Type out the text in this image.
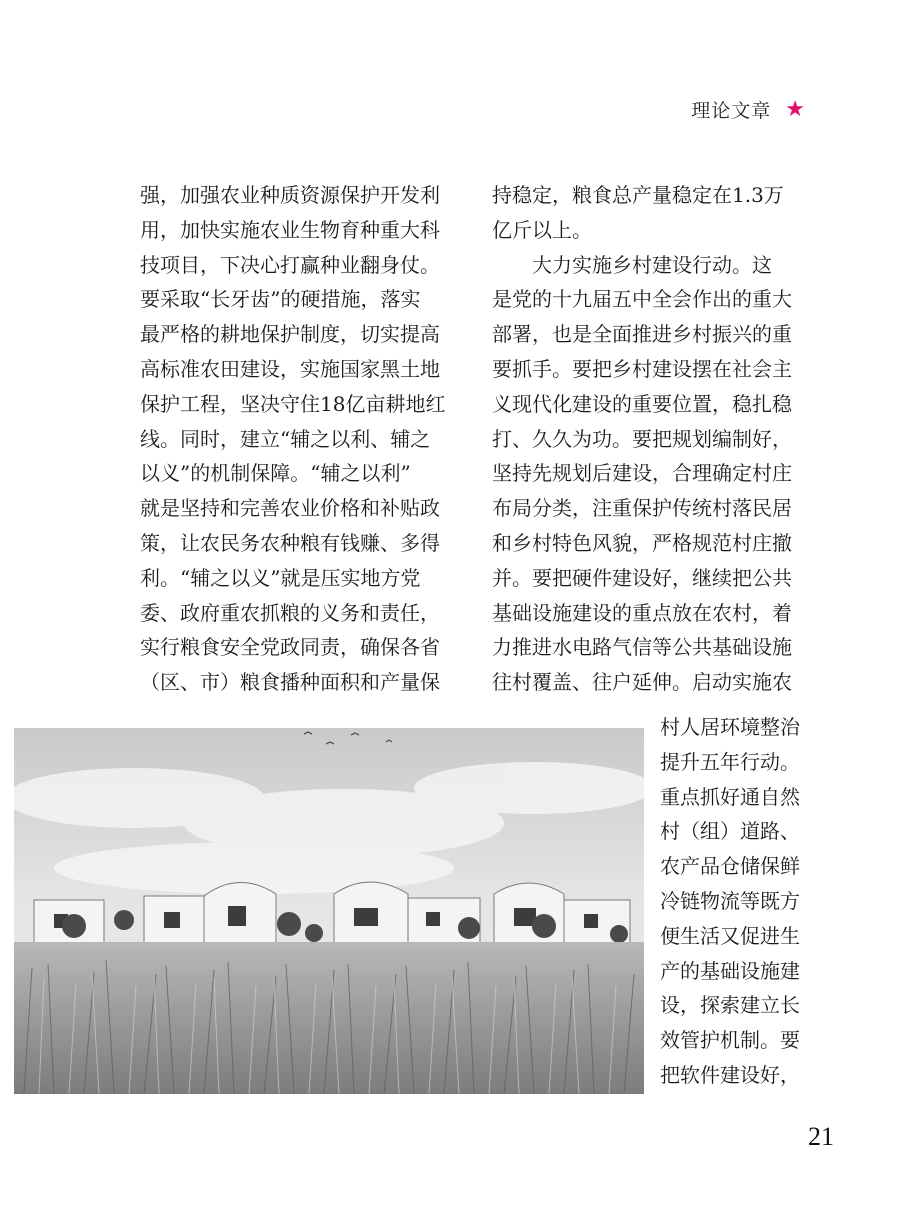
理论文章 ★
强，加强农业种质资源保护开发利
用，加快实施农业生物育种重大科
技项目，下决心打赢种业翻身仗。
要采取“长牙齿”的硬措施，落实
最严格的耕地保护制度，切实提高
高标准农田建设，实施国家黑土地
保护工程，坚决守住18亿亩耕地红
线。同时，建立“辅之以利、辅之
以义”的机制保障。“辅之以利”
就是坚持和完善农业价格和补贴政
策，让农民务农种粮有钱赚、多得
利。“辅之以义”就是压实地方党
委、政府重农抓粮的义务和责任，
实行粮食安全党政同责，确保各省
（区、市）粮食播种面积和产量保
持稳定，粮食总产量稳定在1.3万
亿斤以上。
大力实施乡村建设行动。这
是党的十九届五中全会作出的重大
部署，也是全面推进乡村振兴的重
要抓手。要把乡村建设摆在社会主
义现代化建设的重要位置，稳扎稳
打、久久为功。要把规划编制好，
坚持先规划后建设，合理确定村庄
布局分类，注重保护传统村落民居
和乡村特色风貌，严格规范村庄撤
并。要把硬件建设好，继续把公共
基础设施建设的重点放在农村，着
力推进水电路气信等公共基础设施
往村覆盖、往户延伸。启动实施农
村人居环境整治
提升五年行动。
重点抓好通自然
村（组）道路、
农产品仓储保鲜
冷链物流等既方
便生活又促进生
产的基础设施建
设，探索建立长
效管护机制。要
把软件建设好，
21
